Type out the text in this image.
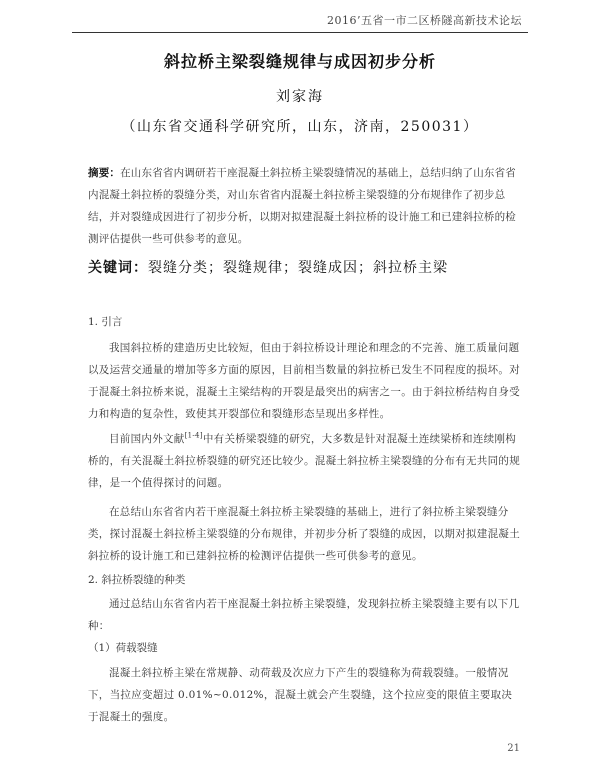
2016’五省一市二区桥隧高新技术论坛
斜拉桥主梁裂缝规律与成因初步分析
刘家海
（山东省交通科学研究所，山东，济南，250031）
摘要：在山东省省内调研若干座混凝土斜拉桥主梁裂缝情况的基础上，总结归纳了山东省省内混凝土斜拉桥的裂缝分类，对山东省省内混凝土斜拉桥主梁裂缝的分布规律作了初步总结，并对裂缝成因进行了初步分析，以期对拟建混凝土斜拉桥的设计施工和已建斜拉桥的检测评估提供一些可供参考的意见。
关键词：裂缝分类；裂缝规律；裂缝成因；斜拉桥主梁
1. 引言
我国斜拉桥的建造历史比较短，但由于斜拉桥设计理论和理念的不完善、施工质量问题以及运营交通量的增加等多方面的原因，目前相当数量的斜拉桥已发生不同程度的损坏。对于混凝土斜拉桥来说，混凝土主梁结构的开裂是最突出的病害之一。由于斜拉桥结构自身受力和构造的复杂性，致使其开裂部位和裂缝形态呈现出多样性。
目前国内外文献[1-4]中有关桥梁裂缝的研究，大多数是针对混凝土连续梁桥和连续刚构桥的，有关混凝土斜拉桥裂缝的研究还比较少。混凝土斜拉桥主梁裂缝的分布有无共同的规律，是一个值得探讨的问题。
在总结山东省省内若干座混凝土斜拉桥主梁裂缝的基础上，进行了斜拉桥主梁裂缝分类，探讨混凝土斜拉桥主梁裂缝的分布规律，并初步分析了裂缝的成因，以期对拟建混凝土斜拉桥的设计施工和已建斜拉桥的检测评估提供一些可供参考的意见。
2. 斜拉桥裂缝的种类
通过总结山东省省内若干座混凝土斜拉桥主梁裂缝，发现斜拉桥主梁裂缝主要有以下几种：
（1）荷载裂缝
混凝土斜拉桥主梁在常规静、动荷载及次应力下产生的裂缝称为荷载裂缝。一般情况下，当拉应变超过 0.01%~0.012%，混凝土就会产生裂缝，这个拉应变的限值主要取决于混凝土的强度。
21
